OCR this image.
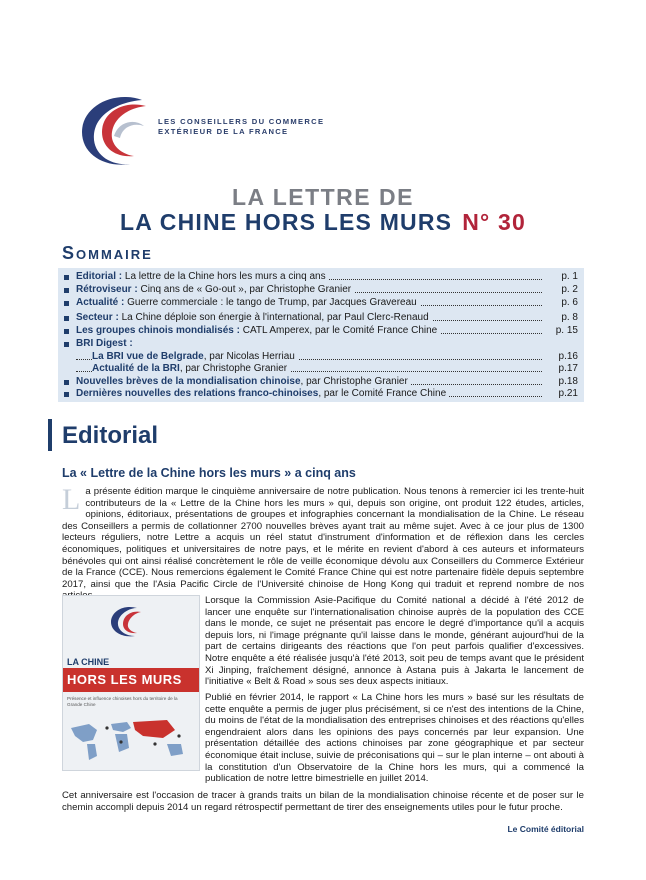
LES CONSEILLERS DU COMMERCE
EXTÉRIEUR DE LA FRANCE
LA LETTRE DE
LA CHINE HORS LES MURS N° 30
Sommaire
Editorial : La lettre de la Chine hors les murs a cinq ans	p. 1
Rétroviseur : Cinq ans de « Go-out », par Christophe Granier	p. 2
Actualité : Guerre commerciale : le tango de Trump, par Jacques Gravereau	p. 6
Secteur : La Chine déploie son énergie à l'international, par Paul Clerc-Renaud	p. 8
Les groupes chinois mondialisés : CATL Amperex, par le Comité France Chine	p. 15
BRI Digest :
La BRI vue de Belgrade, par Nicolas Herriau	p.16
Actualité de la BRI, par Christophe Granier	p.17
Nouvelles brèves de la mondialisation chinoise, par Christophe Granier	p.18
Dernières nouvelles des relations franco-chinoises, par le Comité France Chine	p.21
Editorial
La « Lettre de la Chine hors les murs » a cinq ans

La présente édition marque le cinquième anniversaire de notre publication. Nous tenons à remercier ici les trente-huit contributeurs de la « Lettre de la Chine hors les murs » qui, depuis son origine, ont produit 122 études, articles, opinions, éditoriaux, présentations de groupes et infographies concernant la mondialisation de la Chine. Le réseau des Conseillers a permis de collationner 2700 nouvelles brèves ayant trait au même sujet. Avec à ce jour plus de 1300 lecteurs réguliers, notre Lettre a acquis un réel statut d'instrument d'information et de réflexion dans les cercles économiques, politiques et universitaires de notre pays, et le mérite en revient d'abord à ces auteurs et informateurs bénévoles qui ont ainsi réalisé concrètement le rôle de veille économique dévolu aux Conseillers du Commerce Extérieur de la France (CCE). Nous remercions également le Comité France Chine qui est notre partenaire fidèle depuis septembre 2017, ainsi que the l'Asia Pacific Circle de l'Université chinoise de Hong Kong qui traduit et reprend nombre de nos

LA CHINE
HORS LES MURS
Présence et influence chinoises hors du territoire de la Grande Chine

Lorsque la Commission Asie-Pacifique du Comité national a décidé à l'été 2012 de lancer une enquête sur l'internationalisation chinoise auprès de la population des CCE dans le monde, ce sujet ne présentait pas encore le degré d'importance qu'il a acquis depuis lors, ni l'image prégnante qu'il laisse dans le monde, générant aujourd'hui de la part de certains dirigeants des réactions que l'on peut parfois qualifier d'excessives. Notre enquête a été réalisée jusqu'à l'été 2013, soit peu de temps avant que le président Xi Jinping, fraîchement désigné, annonce à Astana puis à Jakarta le lancement de l'initiative « Belt & Road » sous ses deux aspects initiaux.

Publié en février 2014, le rapport « La Chine hors les murs » basé sur les résultats de cette enquête a permis de juger plus précisément, si ce n'est des intentions de la Chine, du moins de l'état de la mondialisation des entreprises chinoises et des réactions qu'elles engendraient alors dans les opinions des pays concernés par leur expansion. Une présentation détaillée des actions chinoises par zone géographique et par secteur économique était incluse, suivie de préconisations qui – sur le plan interne – ont abouti à la constitution d'un Observatoire de la Chine hors les murs, qui a commencé la publication de notre lettre bimestrielle en juillet 2014.

Cet anniversaire est l'occasion de tracer à grands traits un bilan de la mondialisation chinoise récente et de poser sur le chemin accompli depuis 2014 un regard rétrospectif permettant de tirer des enseignements utiles pour le futur proche.

Le Comité éditorial
